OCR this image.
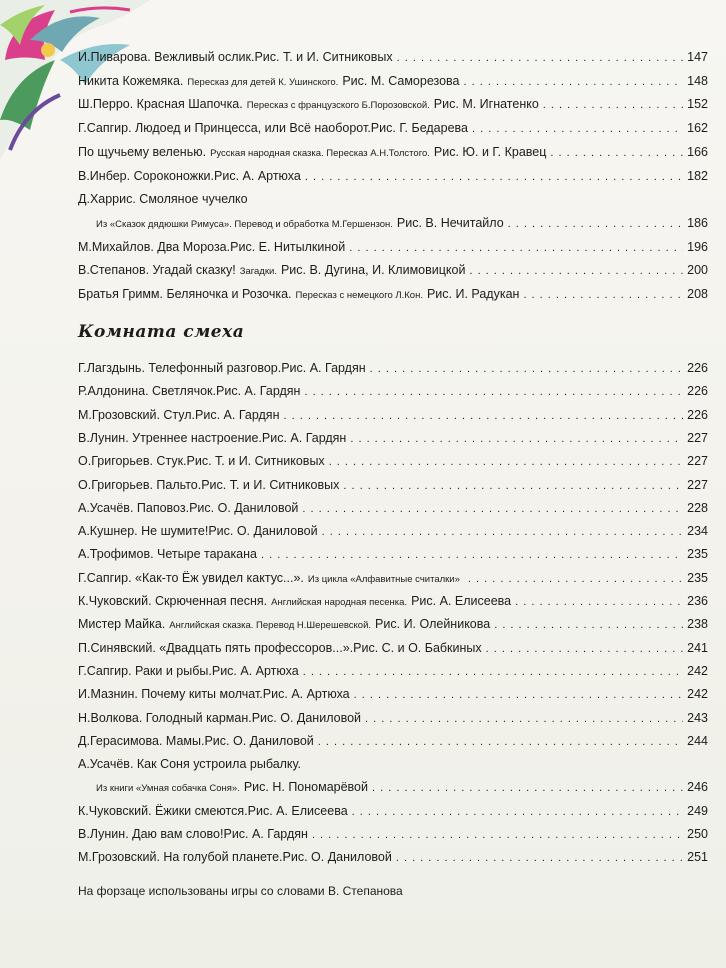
И.Пиварова. Вежливый ослик. Рис. Т. и И. Ситниковых . . .	147
Никита Кожемяка. Пересказ для детей К. Ушинского. Рис. М. Саморезова . . .	148
Ш.Перро. Красная Шапочка. Пересказ с французского Б.Порозовской. Рис. М. Игнатенко . . .	152
Г.Сапгир. Людоед и Принцесса, или Всё наоборот. Рис. Г. Бедарева . . .	162
По щучьему веленью. Русская народная сказка. Пересказ А.Н.Толстого. Рис. Ю. и Г. Кравец . . .	166
В.Инбер. Сороконожки. Рис. А. Артюха . . .	182
Д.Харрис. Смоляное чучелко
Из «Сказок дядюшки Римуса». Перевод и обработка М.Гершензон. Рис. В. Нечитайло . . .	186
М.Михайлов. Два Мороза. Рис. Е. Нитылкиной . . .	196
В.Степанов. Угадай сказку! Загадки. Рис. В. Дугина, И. Климовицкой . . .	200
Братья Гримм. Беляночка и Розочка. Пересказ с немецкого Л.Кон. Рис. И. Радукан . . .	208
Г.Лагздынь. Телефонный разговор. Рис. А. Гардян . . .	226
Р.Алдонина. Светлячок. Рис. А. Гардян . . .	226
М.Грозовский. Стул. Рис. А. Гардян . . .	226
В.Лунин. Утреннее настроение. Рис. А. Гардян . . .	227
О.Григорьев. Стук. Рис. Т. и И. Ситниковых . . .	227
О.Григорьев. Пальто. Рис. Т. и И. Ситниковых . . .	227
А.Усачёв. Паповоз. Рис. О. Даниловой . . .	228
А.Кушнер. Не шумите! Рис. О. Даниловой . . .	234
А.Трофимов. Четыре таракана . . .	235
Г.Сапгир. «Как-то Ёж увидел кактус...». Из цикла «Алфавитные считалки» . . .	235
К.Чуковский. Скрюченная песня. Английская народная песенка. Рис. А. Елисеева . . .	236
Мистер Майка. Английская сказка. Перевод Н.Шерешевской. Рис. И. Олейникова . . .	238
П.Синявский. «Двадцать пять профессоров...». Рис. С. и О. Бабкиных . . .	241
Г.Сапгир. Раки и рыбы. Рис. А. Артюха . . .	242
И.Мазнин. Почему киты молчат. Рис. А. Артюха . . .	242
Н.Волкова. Голодный карман. Рис. О. Даниловой . . .	243
Д.Герасимова. Мамы. Рис. О. Даниловой . . .	244
А.Усачёв. Как Соня устроила рыбалку.
Из книги «Умная собачка Соня». Рис. Н. Пономарёвой . . .	246
К.Чуковский. Ёжики смеются. Рис. А. Елисеева . . .	249
В.Лунин. Даю вам слово! Рис. А. Гардян . . .	250
М.Грозовский. На голубой планете. Рис. О. Даниловой . . .	251
Комната смеха
На форзаце использованы игры со словами В. Степанова
